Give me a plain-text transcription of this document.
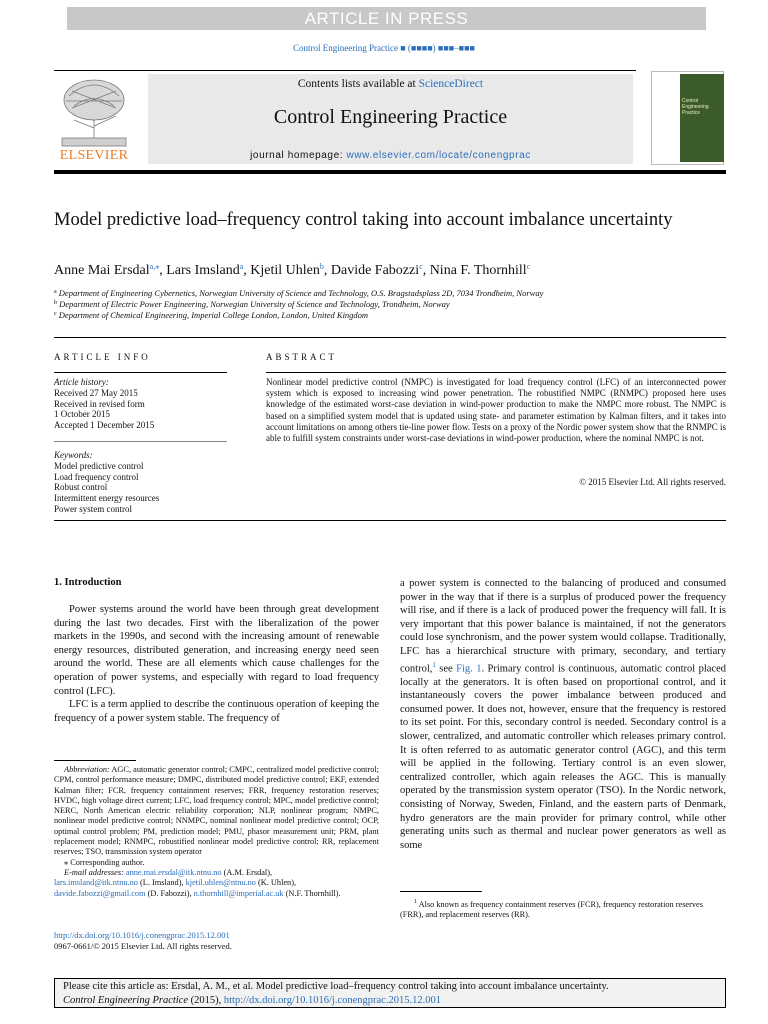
ARTICLE IN PRESS
Control Engineering Practice ■ (■■■■) ■■■–■■■
ELSEVIER
Contents lists available at ScienceDirect
Control Engineering Practice
journal homepage: www.elsevier.com/locate/conengprac
Control
Engineering
Practice
Model predictive load–frequency control taking into account imbalance uncertainty
Anne Mai Ersdal$^{a,⁎}$, Lars Imsland$^a$, Kjetil Uhlen$^b$, Davide Fabozzi$^c$, Nina F. Thornhill$^c$
$^a$ Department of Engineering Cybernetics, Norwegian University of Science and Technology, O.S. Bragstadsplass 2D, 7034 Trondheim, Norway
$^b$ Department of Electric Power Engineering, Norwegian University of Science and Technology, Trondheim, Norway
$^c$ Department of Chemical Engineering, Imperial College London, London, United Kingdom
ARTICLE INFO
Article history:
Received 27 May 2015
Received in revised form
1 October 2015
Accepted 1 December 2015
Keywords:
Model predictive control
Load frequency control
Robust control
Intermittent energy resources
Power system control
ABSTRACT
Nonlinear model predictive control (NMPC) is investigated for load frequency control (LFC) of an interconnected power system which is exposed to increasing wind power penetration. The robustified NMPC (RNMPC) proposed here uses knowledge of the estimated worst-case deviation in wind-power production to make the NMPC more robust. The NMPC is based on a simplified system model that is updated using state- and parameter estimation by Kalman filters, and it takes into account limitations on among others tie-line power flow. Tests on a proxy of the Nordic power system show that the RNMPC is able to fulfill system constraints under worst-case deviations in wind-power production, where the nominal NMPC is not.
© 2015 Elsevier Ltd. All rights reserved.
1. Introduction

Power systems around the world have been through great development during the last two decades. First with the liberalization of the power markets in the 1990s, and second with the increasing amount of renewable energy resources, distributed generation, and increasing energy need seen around the world. These are all elements which cause challenges for the operation of power systems, and especially with regard to load frequency control (LFC).

LFC is a term applied to describe the continuous operation of keeping the frequency of a power system stable. The frequency of

a power system is connected to the balancing of produced and consumed power in the way that if there is a surplus of produced power the frequency will rise, and if there is a lack of produced power the frequency will fall. It is very important that this power balance is maintained, if not the generators could lose synchronism, and the power system would collapse. Traditionally, LFC has a hierarchical structure with primary, secondary, and tertiary control,$^1$ see Fig. 1. Primary control is continuous, automatic control placed locally at the generators. It is often based on proportional control, and it instantaneously covers the power imbalance between produced and consumed power. It does not, however, ensure that the frequency is restored to its set point. For this, secondary control is needed. Secondary control is a slower, centralized, and automatic controller which releases primary control. It is often referred to as automatic generator control (AGC), and this term will be applied in the following. Tertiary control is an even slower, centralized controller, which again releases the AGC. This is manually operated by the transmission system operator (TSO). In the Nordic network, consisting of Norway, Sweden, Finland, and the eastern parts of Denmark, hydro generators are the main provider for primary control, while other generating units such as thermal and nuclear power generators as well as some

Abbreviation: AGC, automatic generator control; CMPC, centralized model predictive control; CPM, control performance measure; DMPC, distributed model predictive control; EKF, extended Kalman filter; FCR, frequency containment reserves; FRR, frequency restoration reserves; HVDC, high voltage direct current; LFC, load frequency control; MPC, model predictive control; NERC, North American electric reliability corporation; NLP, nonlinear program; NMPC, nonlinear model predictive control; NNMPC, nominal nonlinear model predictive control; OCP, optimal control problem; PM, prediction model; PMU, phasor measurement unit; PRM, plant replacement model; RNMPC, robustified nonlinear model predictive control; RR, replacement reserves; TSO, transmission system operator

⁎ Corresponding author.

E-mail addresses: anne.mai.ersdal@itk.ntnu.no (A.M. Ersdal),

lars.imsland@itk.ntnu.no (L. Imsland), kjetil.uhlen@ntnu.no (K. Uhlen),
davide.fabozzi@gmail.com (D. Fabozzi), n.thornhill@imperial.ac.uk (N.F. Thornhill).
$^1$ Also known as frequency containment reserves (FCR), frequency restoration reserves (FRR), and replacement reserves (RR).
http://dx.doi.org/10.1016/j.conengprac.2015.12.001
0967-0661/© 2015 Elsevier Ltd. All rights reserved.
Please cite this article as: Ersdal, A. M., et al. Model predictive load–frequency control taking into account imbalance uncertainty.
Control Engineering Practice (2015), http://dx.doi.org/10.1016/j.conengprac.2015.12.001
